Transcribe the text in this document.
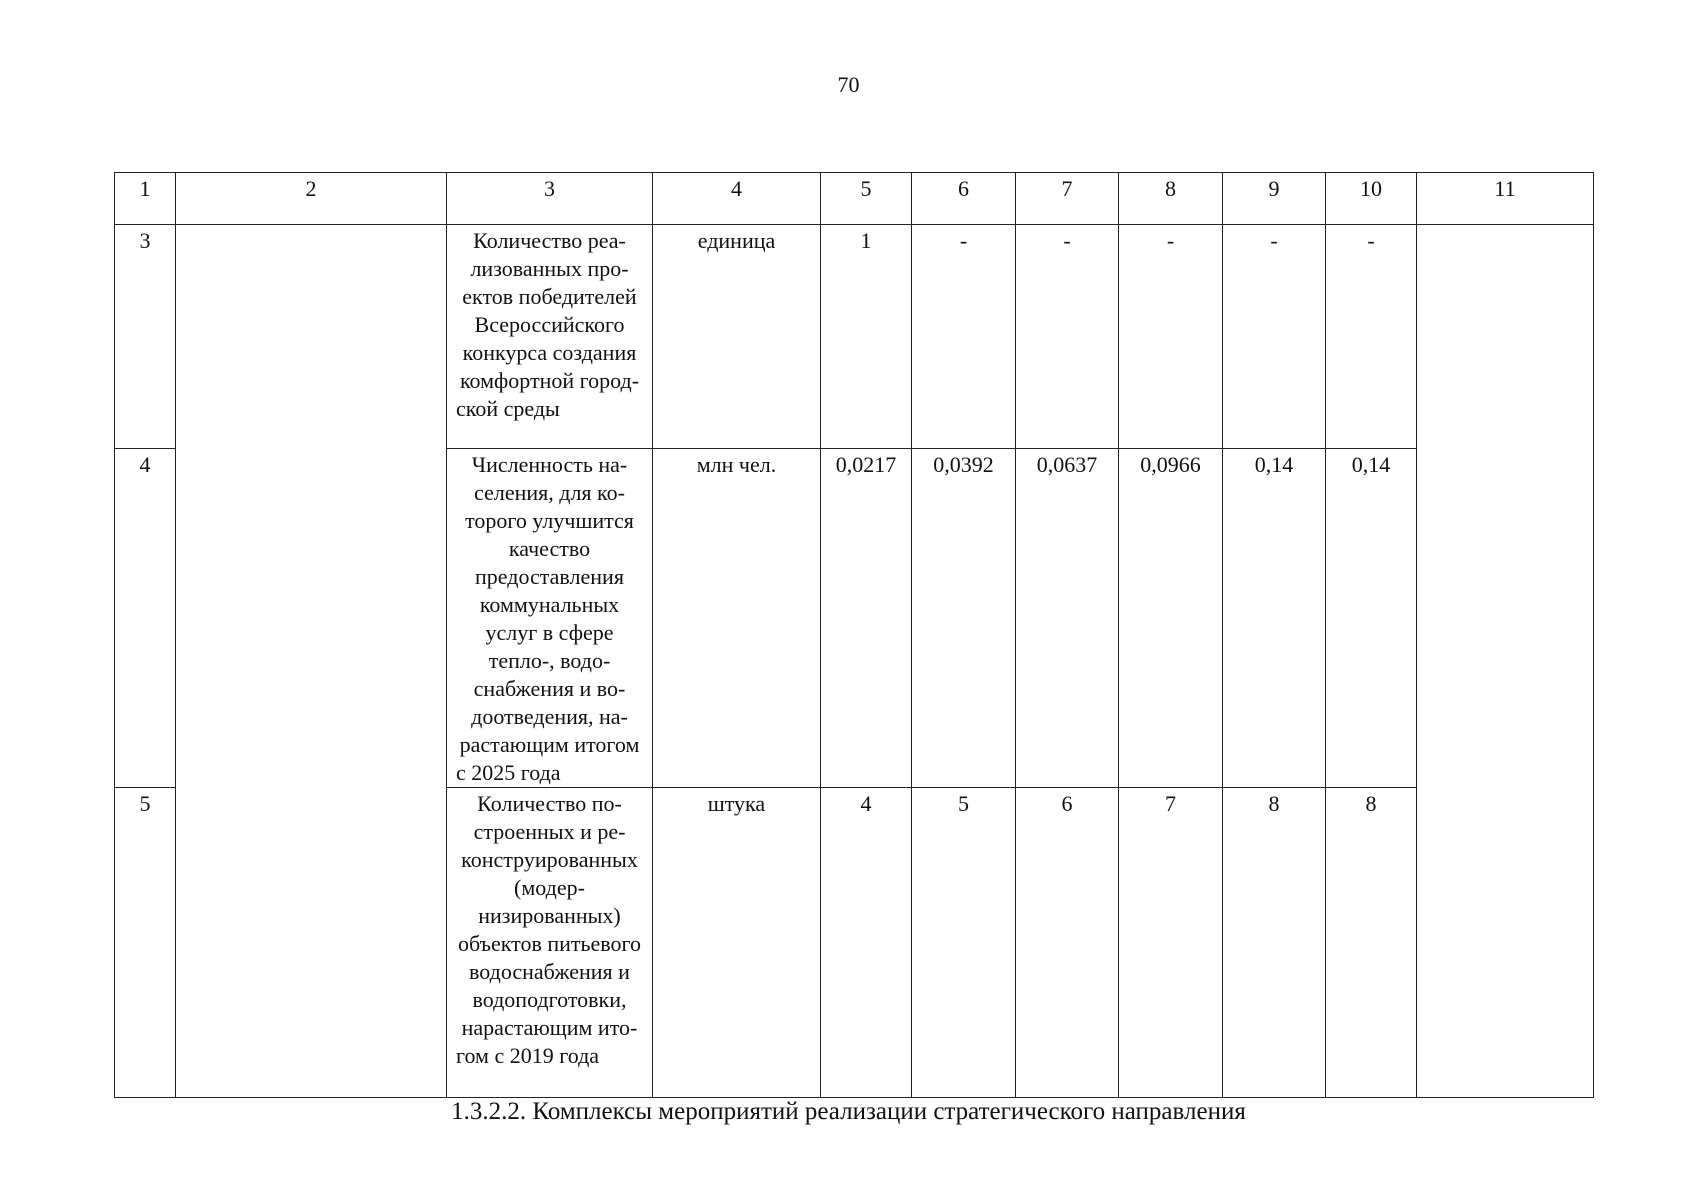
70
1	2	3	4	5	6	7	8	9	10	11
3		Количество реализованных проектов победителей Всероссийского конкурса создания комфортной городской среды	единица	1	-	-	-	-	-	
4		Численность населения, для которого улучшится качество предоставления коммунальных услуг в сфере тепло-, водоснабжения и водоотведения, нарастающим итогом с 2025 года	млн чел.	0,0217	0,0392	0,0637	0,0966	0,14	0,14	
5		Количество построенных и реконструированных (модернизированных) объектов питьевого водоснабжения и водоподготовки, нарастающим итогом с 2019 года	штука	4	5	6	7	8	8	
1.3.2.2. Комплексы мероприятий реализации стратегического направления
